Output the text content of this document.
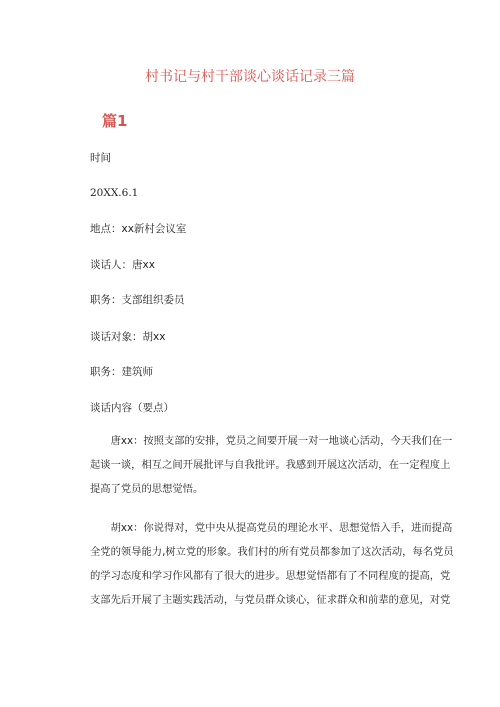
村书记与村干部谈心谈话记录三篇
篇1
时间
20XX.6.1
地点：xx新村会议室
谈话人：唐xx
职务：支部组织委员
谈话对象：胡xx
职务：建筑师
谈话内容（要点）
唐xx：按照支部的安排，党员之间要开展一对一地谈心活动，今天我们在一
起谈一谈，相互之间开展批评与自我批评。我感到开展这次活动，在一定程度上
提高了党员的思想觉悟。
胡xx：你说得对，党中央从提高党员的理论水平、思想觉悟入手，进而提高
全党的领导能力,树立党的形象。我们村的所有党员都参加了这次活动，每名党员
的学习态度和学习作风都有了很大的进步。思想觉悟都有了不同程度的提高，党
支部先后开展了主题实践活动，与党员群众谈心，征求群众和前辈的意见，对党
